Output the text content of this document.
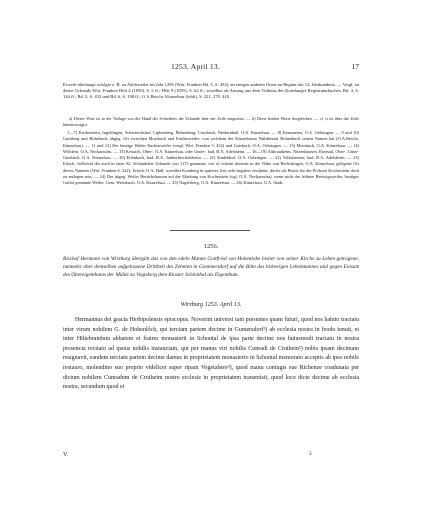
1253. April 13.	17

Erwerb überhaupt erfolgte z. B. zu Adelsweiler im Jahr 1296 (Wirt. Franken Bd. 5, S. 432), an einigen anderen Orten im Beginn des 14. Jahrhunderts. — Vergl. zu dieser Urkunde Wirt. Franken Heft 4 (1850), S. 5 ff.; Heft 9 (1855), S. 62 ff., woselbst als Auszug aus dem Vidimus des Kornburger Registraturbuches, Bd. 4, S. 144 ff.; Bd. 5, S. 432 und Bd. 6, S. 198 ff.; O.A.Beschr. Künzelsau (fehlt), S. 221, 278, 418.

a) Dieses Wort ist in der Vorlage von der Hand des Schreibers der Urkunde über der Zeile eingesetzt. — b) Diese beiden Worte desgleichen. — c) ci ist über der Zeile hineincorrigirt.

1—7) Kocherstein, Ingelfingen, Scheuerchshof, Liphenberg, Belsenberg, Criesbach, Niedernhall, O.A. Künzelsau. — 8) Kemmeten, O.A. Oehringen. — 9 und 10) Garnberg und Hohebuch, abgeg. Ort zwischen Morsbach und Enslinsweiler, von welchem der Künzelsauer Waldbezirk Hohenbuch seinen Namen hat (O.A.Beschr. Künzelsau). — 11 und 12) Der heutige Weiler Enslinsweiler (vergl. Wirt. Franken 5, 432) und Gaisbach, O.A. Oehringen. — 13) Morsbach, O.A. Künzelsau. — 14) Wöldern, O.A. Neckarsulm. — 15) Kessach, Ober-, O.A. Künzelsau, oder Unter-, bad. B.A. Adelsheim. — 16—19) Altkrautheim, Nitzenhausen, Eberstal, Ober-, Unter-Ginsbach, O.A. Künzelsau. — 20) Erlenbach, bad. B.A. Tauberbischofsheim. — 21) Sindeldorf, O.A. Oehringen. — 22) Volkshausen, bad. B.A. Adelsheim. — 23) Erlach, vielleicht der auch in einer Kl. Schönthaler Urkunde von 1172 genannte, wie es scheint dereinst in der Nähe von Berlichingen, O.A. Künzelsau, gelegene Ort dieses Namens (Wirt. Franken 6, 322); Erlach, O.A. Hall, woselbst Kornberg in späterer Zeit sehr begütert erscheint, dürfte als Besitz für die Probstei Kocherstein doch zu entlegen sein. — 24) Der abgeg. Weiler Hertichshausen auf der Markung von Kocherstein (vgl. O.A. Neckarsulm), wenn nicht der frühere Hertwigsweiler, heutiges Gutlof genannte Weiler, Gem. Weissbach, O.A. Künzelsau. — 25) Nagelsberg, O.A. Künzelsau. — 26) Künzelsau, O.A. Stadt.

1256.

Bischof Hermann von Wirzburg übergibt das von den edeln Manne Gottfried von Hohenlohe bisher von seiner Kirche zu Lehen getragene, nunmehr aber demselben aufgelassene Drittheil des Zehnten in Gommersdorf auf die Bitte des bisherigen Lehenmannes und gegen Einsatz des Obereigenthums der Mühle zu Vogtsberg dem Kloster Schönthal als Eigenthum.

Wirzburg 1253. April 13.

Hermannus dei gracia Herbipolensis episcopus. Noverint universi tam presentes quam futuri, quod nos habito tractatu inter virum nobilem G. de Hohenlôch, qui terciam partem decime in Gumersdorf¹) ab ecclesia nostra in feodo tenuit, et inter Hiltebrandum abbatem et fratres monasterii in Schonṭal de ipsa parte decime nos huiusmodi tractatu in nostra presencia recitato ad ipsius nobilis instanciam, qui per manus viri nobilis Cunradi de Cruthein²) nobis ipsam decimam resignavit, eandem terciam partem decime damus in proprietatem monasterio in Schontal memorato acceptis ab ipso nobile restauro, molendino suo proprio videlicet super ripam Vogetabere³), quod manu coniugis sue Richenze coadunata per dictum nobilem Cunradum de Crutheim nostre ecclesie in proprietatem transmisit, quod loco dicte decime ab ecclesia nostra, secundum quod ei

V.	3
